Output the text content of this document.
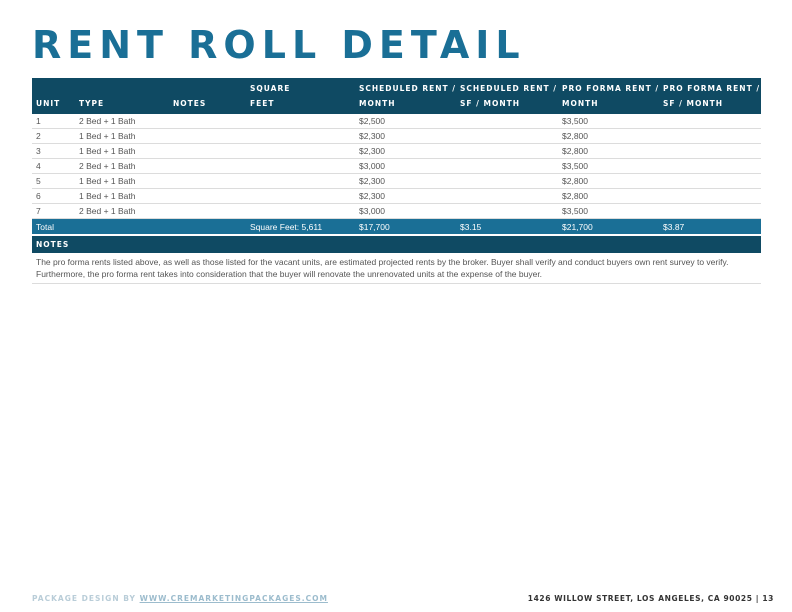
RENT ROLL DETAIL
			SQUARE	SCHEDULED RENT /	SCHEDULED RENT /	PRO FORMA RENT /	PRO FORMA RENT /
UNIT	TYPE	NOTES	FEET	MONTH	SF / MONTH	MONTH	SF / MONTH
1	2 Bed + 1 Bath			$2,500		$3,500	
2	1 Bed + 1 Bath			$2,300		$2,800	
3	1 Bed + 1 Bath			$2,300		$2,800	
4	2 Bed + 1 Bath			$3,000		$3,500	
5	1 Bed + 1 Bath			$2,300		$2,800	
6	1 Bed + 1 Bath			$2,300		$2,800	
7	2 Bed + 1 Bath			$3,000		$3,500	
Total			Square Feet: 5,611	$17,700	$3.15	$21,700	$3.87
NOTES
The pro forma rents listed above, as well as those listed for the vacant units, are estimated projected rents by the broker. Buyer shall verify and conduct buyers own rent survey to verify. Furthermore, the pro forma rent takes into consideration that the buyer will renovate the unrenovated units at the expense of the buyer.
PACKAGE DESIGN BY WWW.CREMARKETINGPACKAGES.COM	1426 WILLOW STREET, LOS ANGELES, CA 90025 | 13
